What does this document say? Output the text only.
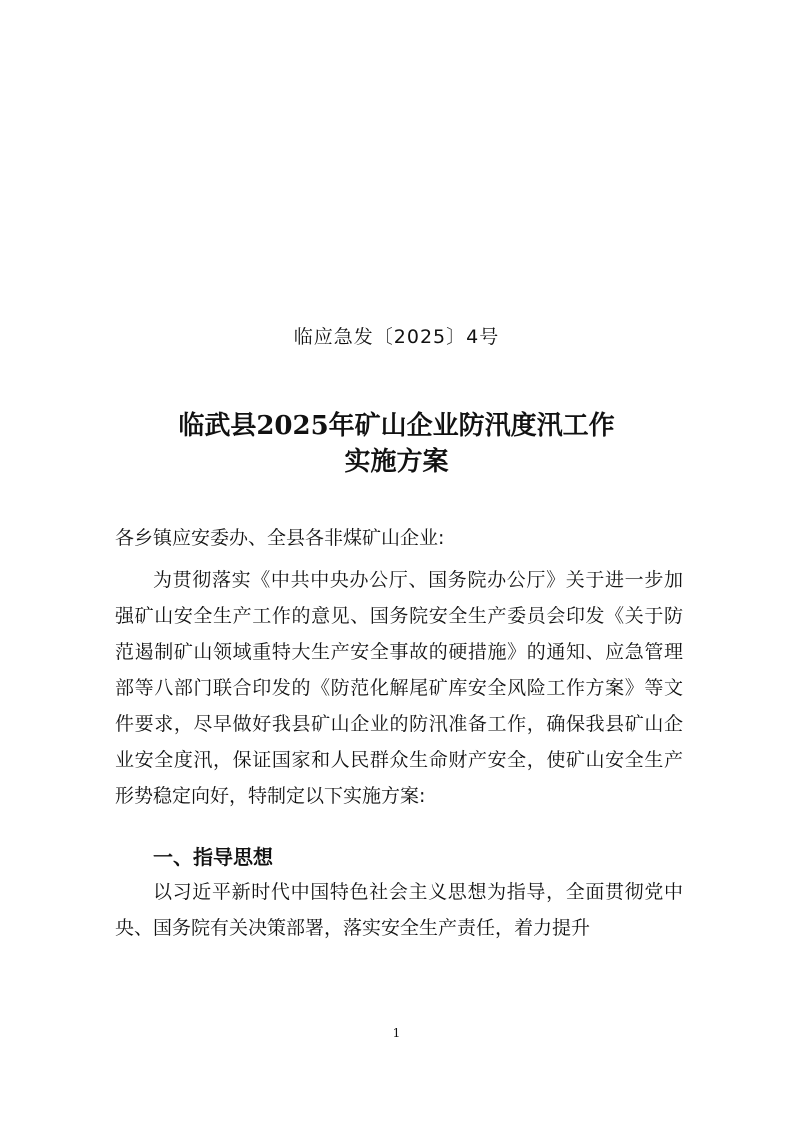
临应急发〔2025〕4号
临武县2025年矿山企业防汛度汛工作
实施方案
各乡镇应安委办、全县各非煤矿山企业:
为贯彻落实《中共中央办公厅、国务院办公厅》关于进一步加强矿山安全生产工作的意见、国务院安全生产委员会印发《关于防范遏制矿山领域重特大生产安全事故的硬措施》的通知、应急管理部等八部门联合印发的《防范化解尾矿库安全风险工作方案》等文件要求，尽早做好我县矿山企业的防汛准备工作，确保我县矿山企业安全度汛，保证国家和人民群众生命财产安全，使矿山安全生产形势稳定向好，特制定以下实施方案:
一、指导思想
以习近平新时代中国特色社会主义思想为指导，全面贯彻党中央、国务院有关决策部署，落实安全生产责任，着力提升
1
